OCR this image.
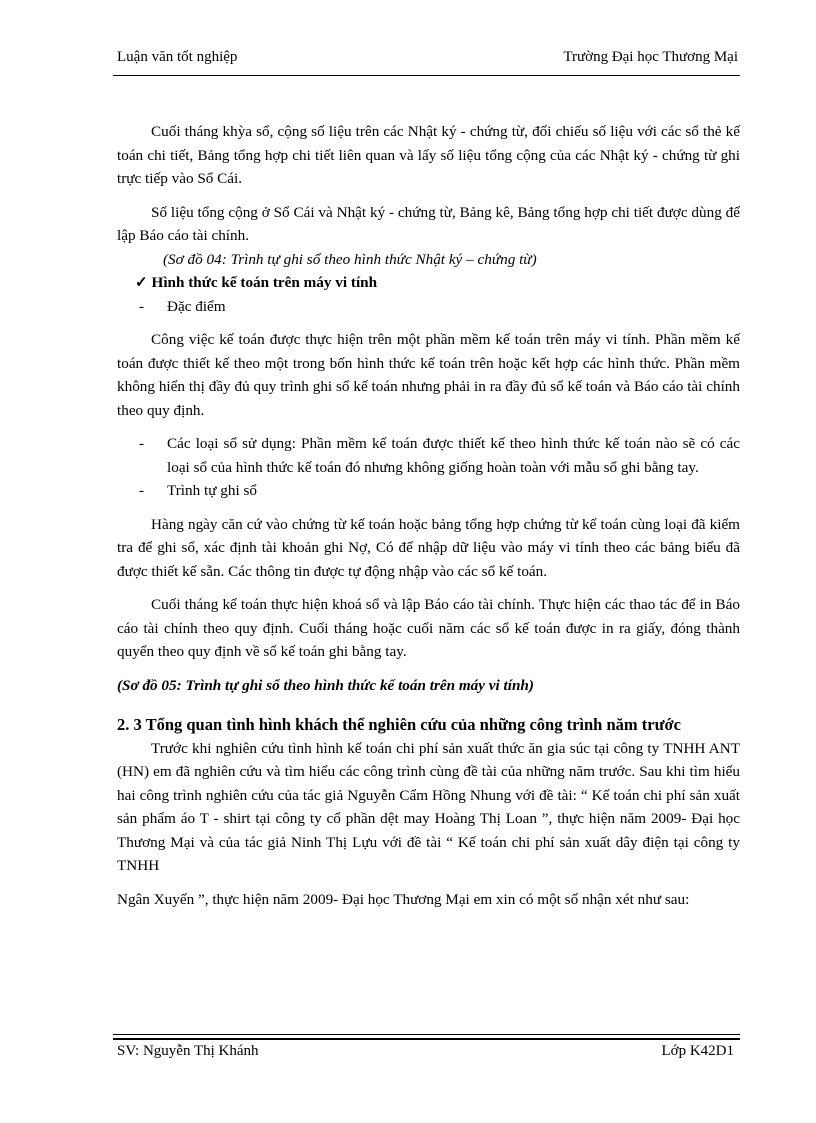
Luận văn tốt nghiệp	Trường Đại học Thương Mại

Cuối tháng khỳa sổ, cộng số liệu trên các Nhật ký - chứng từ, đối chiếu số liệu với các sổ thẻ kế toán chi tiết, Bảng tổng hợp chi tiết liên quan và lấy số liệu tổng cộng của các Nhật ký - chứng từ ghi trực tiếp vào Sổ Cái.

Số liệu tổng cộng ở Sổ Cái và Nhật ký - chứng từ, Bảng kê, Bảng tổng hợp chi tiết được dùng để lập Báo cáo tài chính.

(Sơ đồ 04: Trình tự ghi sổ theo hình thức Nhật ký – chứng từ)

✓ Hình thức kế toán trên máy vi tính

- Đặc điểm

Công việc kế toán được thực hiện trên một phần mềm kế toán trên máy vi tính. Phần mềm kế toán được thiết kế theo một trong bốn hình thức kế toán trên hoặc kết hợp các hình thức. Phần mềm không hiển thị đầy đủ quy trình ghi sổ kế toán nhưng phải in ra đầy đủ sổ kế toán và Báo cáo tài chính theo quy định.

- Các loại sổ sử dụng: Phần mềm kế toán được thiết kế theo hình thức kế toán nào sẽ có các loại sổ của hình thức kế toán đó nhưng không giống hoàn toàn với mẫu sổ ghi bằng tay.

- Trình tự ghi sổ

Hàng ngày căn cứ vào chứng từ kế toán hoặc bảng tổng hợp chứng từ kế toán cùng loại đã kiểm tra để ghi sổ, xác định tài khoản ghi Nợ, Có để nhập dữ liệu vào máy vi tính theo các bảng biểu đã được thiết kế sẵn. Các thông tin được tự động nhập vào các sổ kế toán.

Cuối tháng kế toán thực hiện khoá sổ và lập Báo cáo tài chính. Thực hiện các thao tác để in Báo cáo tài chính theo quy định. Cuối tháng hoặc cuối năm các sổ kế toán được in ra giấy, đóng thành quyển theo quy định về sổ kế toán ghi bằng tay.

(Sơ đồ 05: Trình tự ghi sổ theo hình thức kế toán trên máy vi tính)

2. 3 Tổng quan tình hình khách thể nghiên cứu của những công trình năm trước

Trước khi nghiên cứu tình hình kế toán chi phí sản xuất thức ăn gia súc tại công ty TNHH ANT (HN) em đã nghiên cứu và tìm hiểu các công trình cùng đề tài của những năm trước. Sau khi tìm hiểu hai công trình nghiên cứu của tác giả Nguyễn Cẩm Hồng Nhung với đề tài: “ Kế toán chi phí sản xuất sản phẩm áo T - shirt tại công ty cổ phần dệt may Hoàng Thị Loan ”, thực hiện năm 2009- Đại học Thương Mại và của tác giả Ninh Thị Lựu với đề tài “ Kế toán chi phí sản xuất dây điện tại công ty TNHH

Ngân Xuyến ”, thực hiện năm 2009- Đại học Thương Mại em xin có một số nhận xét như sau:

SV: Nguyễn Thị Khánh	Lớp K42D1
